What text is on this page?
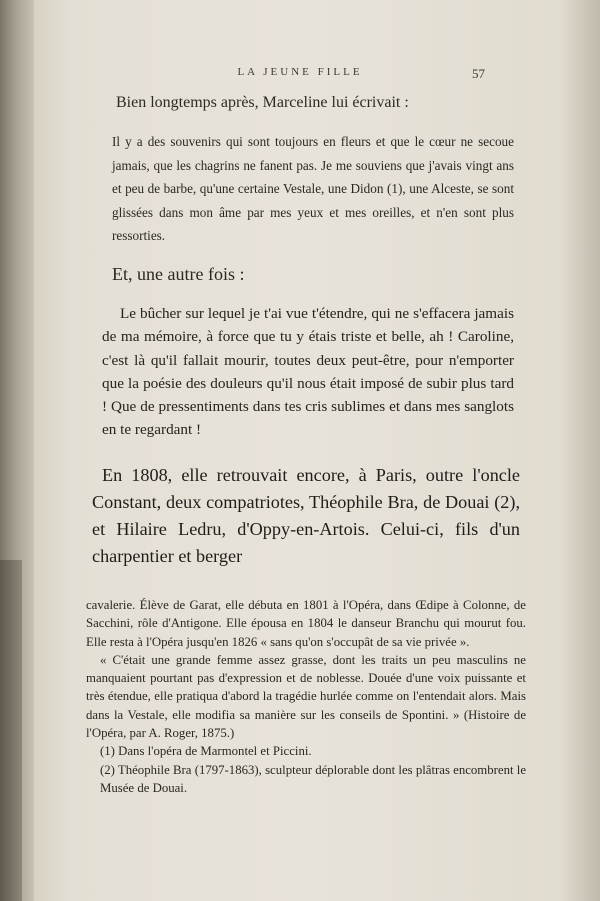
LA JEUNE FILLE	57

Bien longtemps après, Marceline lui écrivait :

Il y a des souvenirs qui sont toujours en fleurs et que le cœur ne secoue jamais, que les chagrins ne fanent pas. Je me souviens que j'avais vingt ans et peu de barbe, qu'une certaine Vestale, une Didon (1), une Alceste, se sont glissées dans mon âme par mes yeux et mes oreilles, et n'en sont plus ressorties.

Et, une autre fois :

Le bûcher sur lequel je t'ai vue t'étendre, qui ne s'effacera jamais de ma mémoire, à force que tu y étais triste et belle, ah ! Caroline, c'est là qu'il fallait mourir, toutes deux peut-être, pour n'emporter que la poésie des douleurs qu'il nous était imposé de subir plus tard ! Que de pressentiments dans tes cris sublimes et dans mes sanglots en te regardant !

En 1808, elle retrouvait encore, à Paris, outre l'oncle Constant, deux compatriotes, Théophile Bra, de Douai (2), et Hilaire Ledru, d'Oppy-en-Artois. Celui-ci, fils d'un charpentier et berger

cavalerie. Élève de Garat, elle débuta en 1801 à l'Opéra, dans Œdipe à Colonne, de Sacchini, rôle d'Antigone. Elle épousa en 1804 le danseur Branchu qui mourut fou. Elle resta à l'Opéra jusqu'en 1826 « sans qu'on s'occupât de sa vie privée ».

« C'était une grande femme assez grasse, dont les traits un peu masculins ne manquaient pourtant pas d'expression et de noblesse. Douée d'une voix puissante et très étendue, elle pratiqua d'abord la tragédie hurlée comme on l'entendait alors. Mais dans la Vestale, elle modifia sa manière sur les conseils de Spontini. » (Histoire de l'Opéra, par A. Roger, 1875.)

(1) Dans l'opéra de Marmontel et Piccini.

(2) Théophile Bra (1797-1863), sculpteur déplorable dont les plâtras encombrent le Musée de Douai.
